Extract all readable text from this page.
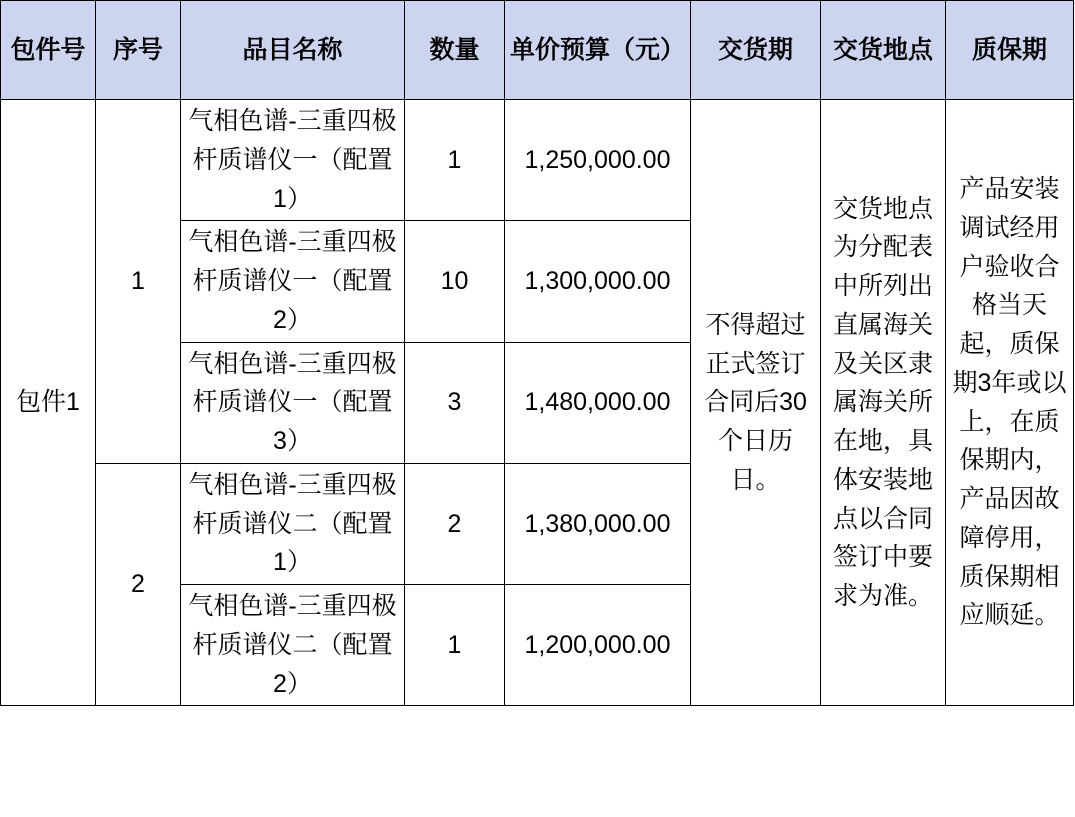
包件号	序号	品目名称	数量	单价预算（元）	交货期	交货地点	质保期
包件1	1	气相色谱-三重四极杆质谱仪一（配置1）	1	1,250,000.00	不得超过正式签订合同后30个日历日。	交货地点为分配表中所列出直属海关及关区隶属海关所在地，具体安装地点以合同签订中要求为准。	产品安装调试经用户验收合格当天起，质保期3年或以上，在质保期内，产品因故障停用，质保期相应顺延。
		气相色谱-三重四极杆质谱仪一（配置2）	10	1,300,000.00			
		气相色谱-三重四极杆质谱仪一（配置3）	3	1,480,000.00			
	2	气相色谱-三重四极杆质谱仪二（配置1）	2	1,380,000.00			
		气相色谱-三重四极杆质谱仪二（配置2）	1	1,200,000.00			
